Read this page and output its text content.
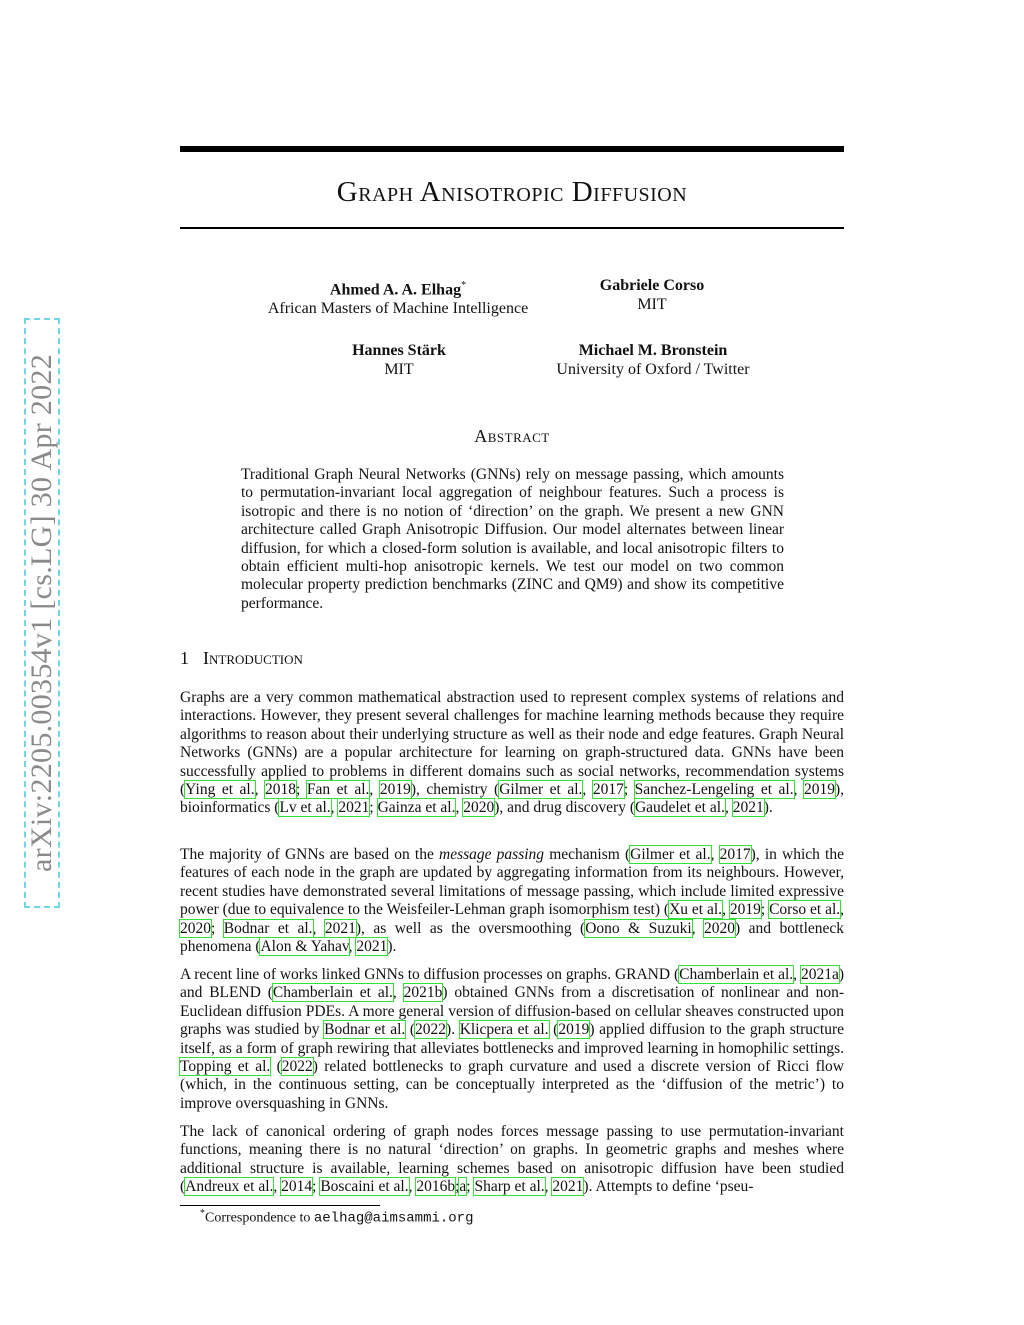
arXiv:2205.00354v1 [cs.LG] 30 Apr 2022
Graph Anisotropic Diffusion
Ahmed A. A. Elhag*
African Masters of Machine Intelligence
Gabriele Corso
MIT
Hannes Stärk
MIT
Michael M. Bronstein
University of Oxford / Twitter
Abstract
Traditional Graph Neural Networks (GNNs) rely on message passing, which amounts to permutation-invariant local aggregation of neighbour features. Such a process is isotropic and there is no notion of ‘direction’ on the graph. We present a new GNN architecture called Graph Anisotropic Diffusion. Our model alternates between linear diffusion, for which a closed-form solution is available, and local anisotropic filters to obtain efficient multi-hop anisotropic kernels. We test our model on two common molecular property prediction benchmarks (ZINC and QM9) and show its competitive performance.
1 Introduction
Graphs are a very common mathematical abstraction used to represent complex systems of relations and interactions. However, they present several challenges for machine learning methods because they require algorithms to reason about their underlying structure as well as their node and edge features. Graph Neural Networks (GNNs) are a popular architecture for learning on graph-structured data. GNNs have been successfully applied to problems in different domains such as social networks, recommendation systems (Ying et al., 2018; Fan et al., 2019), chemistry (Gilmer et al., 2017; Sanchez-Lengeling et al., 2019), bioinformatics (Lv et al., 2021; Gainza et al., 2020), and drug discovery (Gaudelet et al., 2021).
The majority of GNNs are based on the message passing mechanism (Gilmer et al., 2017), in which the features of each node in the graph are updated by aggregating information from its neighbours. However, recent studies have demonstrated several limitations of message passing, which include limited expressive power (due to equivalence to the Weisfeiler-Lehman graph isomorphism test) (Xu et al., 2019; Corso et al., 2020; Bodnar et al., 2021), as well as the oversmoothing (Oono & Suzuki, 2020) and bottleneck phenomena (Alon & Yahav, 2021).
A recent line of works linked GNNs to diffusion processes on graphs. GRAND (Chamberlain et al., 2021a) and BLEND (Chamberlain et al., 2021b) obtained GNNs from a discretisation of nonlinear and non-Euclidean diffusion PDEs. A more general version of diffusion-based on cellular sheaves constructed upon graphs was studied by Bodnar et al. (2022). Klicpera et al. (2019) applied diffusion to the graph structure itself, as a form of graph rewiring that alleviates bottlenecks and improved learning in homophilic settings. Topping et al. (2022) related bottlenecks to graph curvature and used a discrete version of Ricci flow (which, in the continuous setting, can be conceptually interpreted as the ‘diffusion of the metric’) to improve oversquashing in GNNs.
The lack of canonical ordering of graph nodes forces message passing to use permutation-invariant functions, meaning there is no natural ‘direction’ on graphs. In geometric graphs and meshes where additional structure is available, learning schemes based on anisotropic diffusion have been studied (Andreux et al., 2014; Boscaini et al., 2016b;a; Sharp et al., 2021). Attempts to define ‘pseu-
*Correspondence to aelhag@aimsammi.org
